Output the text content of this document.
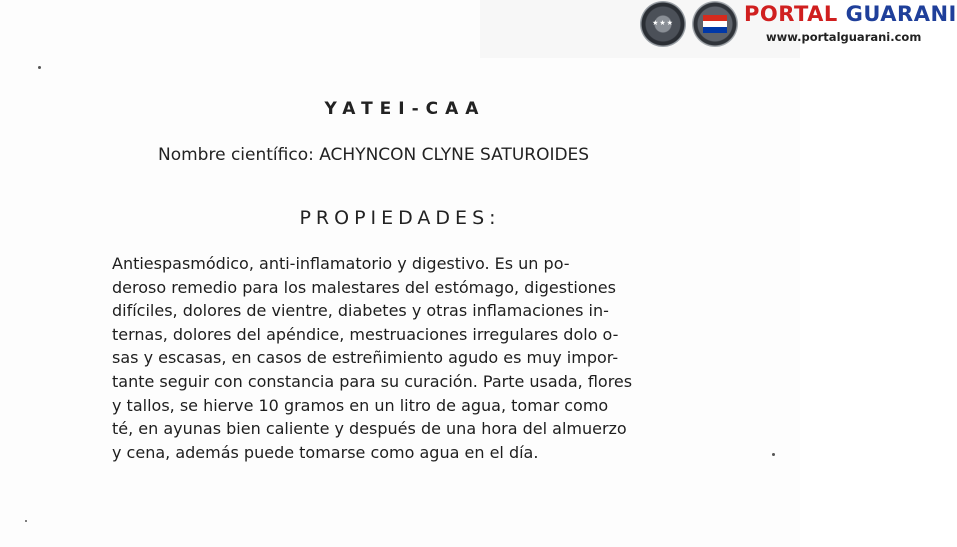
★★★	PORTAL GUARANI
www.portalguarani.com
YATEI-CAA
Nombre científico: ACHYNCON CLYNE SATUROIDES
PROPIEDADES:

Antiespasmódico, anti-inflamatorio y digestivo. Es un po-
deroso remedio para los malestares del estómago, digestiones
difíciles, dolores de vientre, diabetes y otras inflamaciones in-
ternas, dolores del apéndice, mestruaciones irregulares dolo o-
sas y escasas, en casos de estreñimiento agudo es muy impor-
tante seguir con constancia para su curación. Parte usada, flores
y tallos, se hierve 10 gramos en un litro de agua, tomar como
té, en ayunas bien caliente y después de una hora del almuerzo
y cena, además puede tomarse como agua en el día.
